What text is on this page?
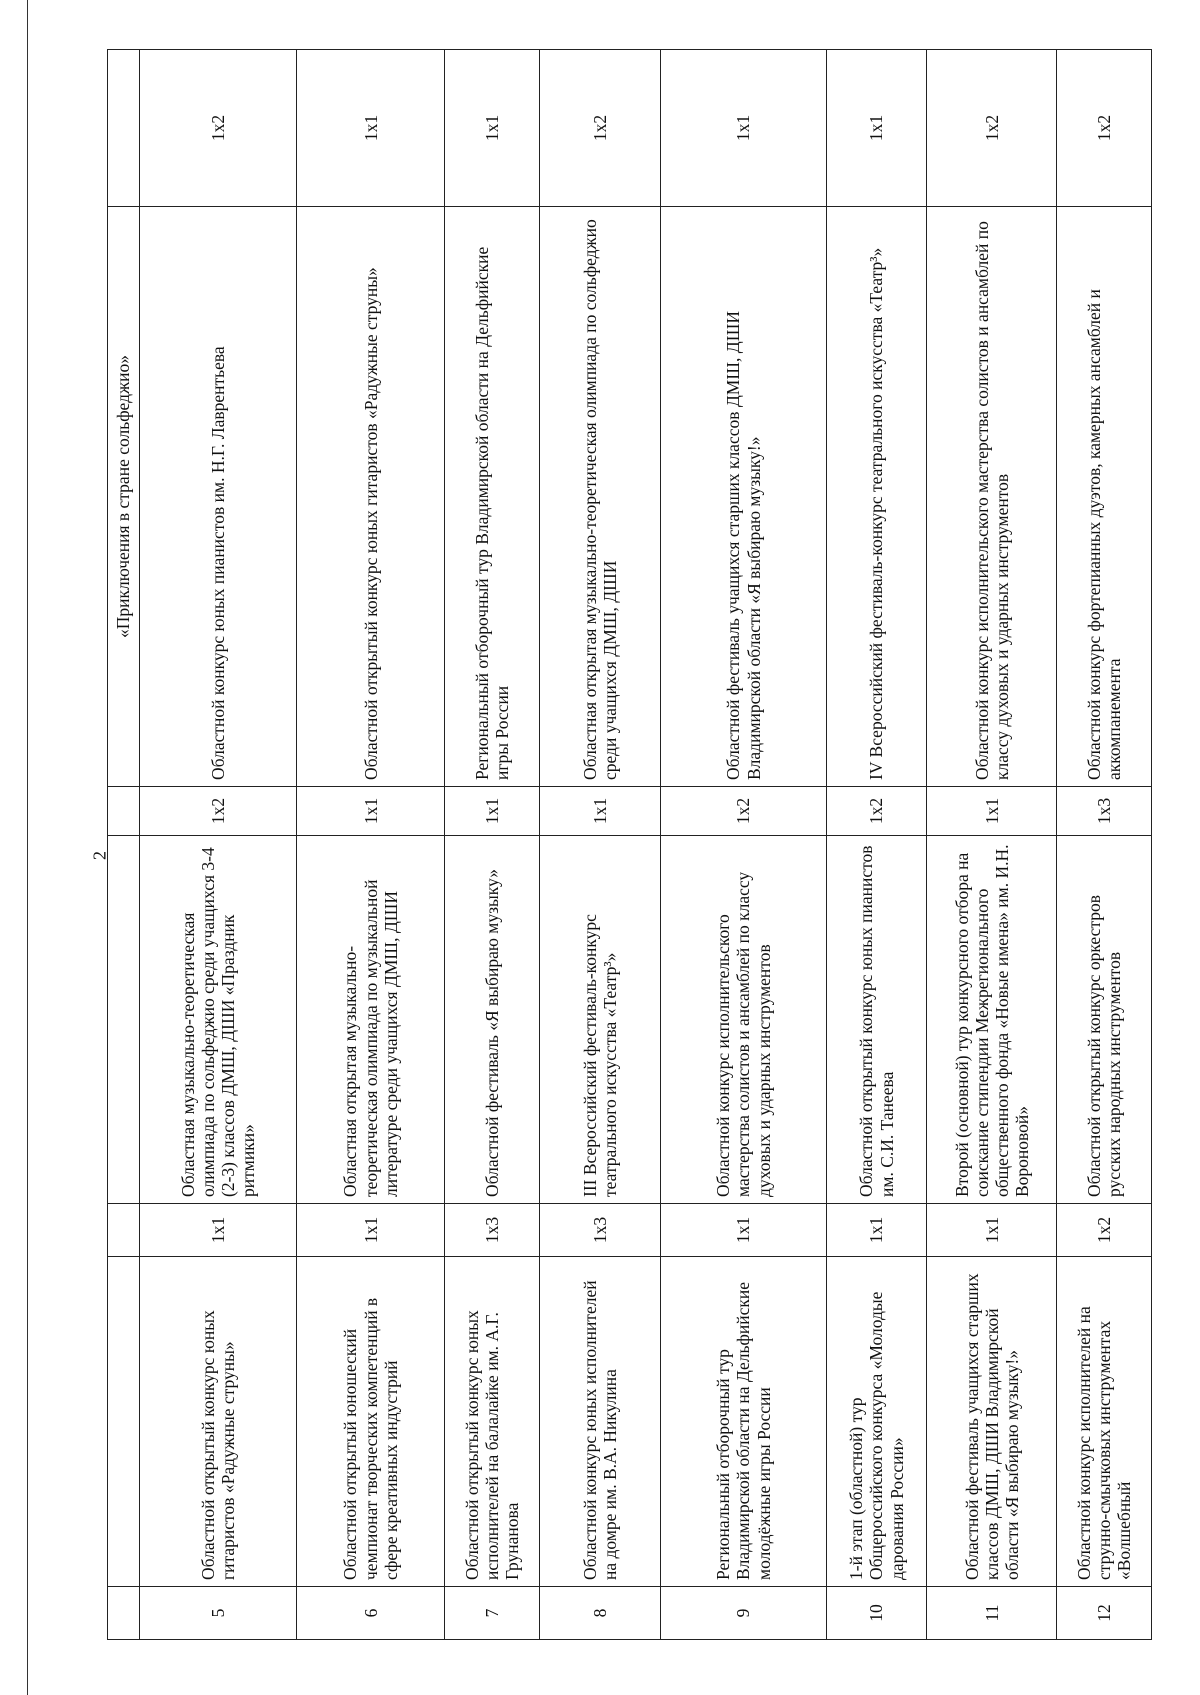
2
					«Приключения в стране сольфеджио»	
5	Областной открытый конкурс юных гитаристов «Радужные струны»	1x1	Областная музыкально-теоретическая олимпиада по сольфеджио среди учащихся 3-4 (2-3) классов ДМШ, ДШИ «Праздник ритмики»	1x2	Областной конкурс юных пианистов им. Н.Г. Лаврентьева	1x2
6	Областной открытый юношеский чемпионат творческих компетенций в сфере креативных индустрий	1x1	Областная открытая музыкально-теоретическая олимпиада по музыкальной литературе среди учащихся ДМШ, ДШИ	1x1	Областной открытый конкурс юных гитаристов «Радужные струны»	1x1
7	Областной открытый конкурс юных исполнителей на балалайке им. А.Г. Грунанова	1x3	Областной фестиваль «Я выбираю музыку»	1x1	Региональный отборочный тур Владимирской области на Дельфийские игры России	1x1
8	Областной конкурс юных исполнителей на домре им. В.А. Никулина	1x3	III Всероссийский фестиваль-конкурс театрального искусства «Театр³»	1x1	Областная открытая музыкально-теоретическая олимпиада по сольфеджио среди учащихся ДМШ, ДШИ	1x2
9	Региональный отборочный тур Владимирской области на Дельфийские молодёжные игры России	1x1	Областной конкурс исполнительского мастерства солистов и ансамблей по классу духовых и ударных инструментов	1x2	Областной фестиваль учащихся старших классов ДМШ, ДШИ Владимирской области «Я выбираю музыку!»	1x1
10	1-й этап (областной) тур Общероссийского конкурса «Молодые дарования России»	1x1	Областной открытый конкурс юных пианистов им. С.И. Танеева	1x2	IV Всероссийский фестиваль-конкурс театрального искусства «Театр³»	1x1
11	Областной фестиваль учащихся старших классов ДМШ, ДШИ Владимирской области «Я выбираю музыку!»	1x1	Второй (основной) тур конкурсного отбора на соискание стипендии Межрегионального общественного фонда «Новые имена» им. И.Н. Вороновой»	1x1	Областной конкурс исполнительского мастерства солистов и ансамблей по классу духовых и ударных инструментов	1x2
12	Областной конкурс исполнителей на струнно-смычковых инструментах «Волшебный	1x2	Областной открытый конкурс оркестров русских народных инструментов	1x3	Областной конкурс фортепианных дуэтов, камерных ансамблей и аккомпанемента	1x2
